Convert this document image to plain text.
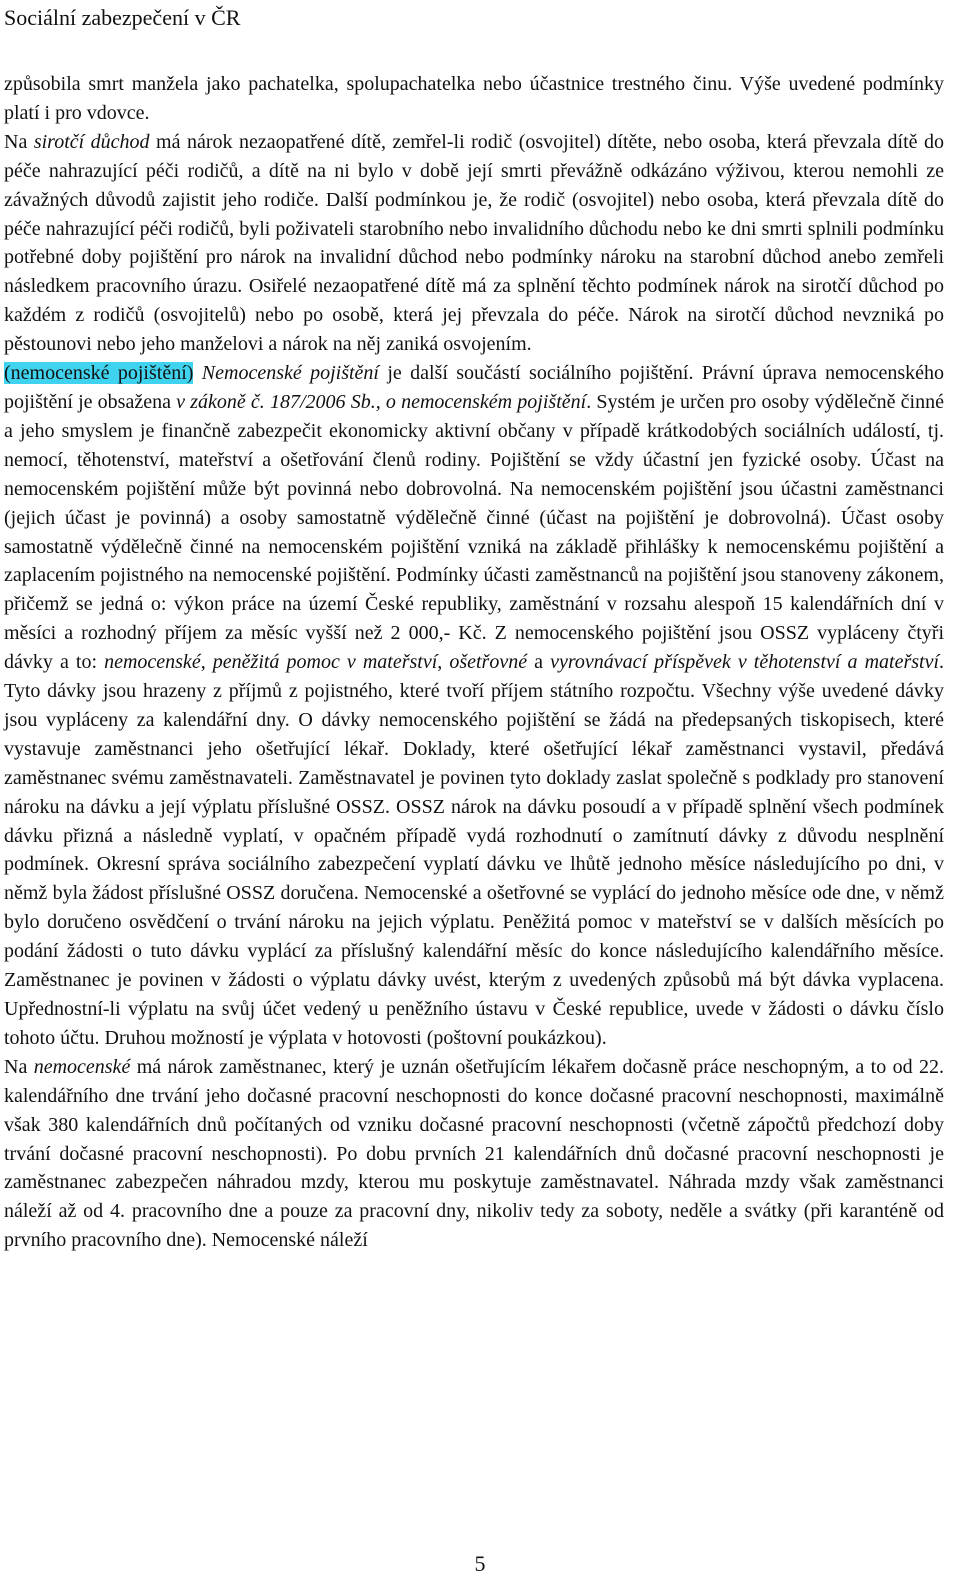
Sociální zabezpečení v ČR

způsobila smrt manžela jako pachatelka, spolupachatelka nebo účastnice trestného činu. Výše uvedené podmínky platí i pro vdovce.

Na sirotčí důchod má nárok nezaopatřené dítě, zemřel-li rodič (osvojitel) dítěte, nebo osoba, která převzala dítě do péče nahrazující péči rodičů, a dítě na ni bylo v době její smrti převážně odkázáno výživou, kterou nemohli ze závažných důvodů zajistit jeho rodiče. Další podmínkou je, že rodič (osvojitel) nebo osoba, která převzala dítě do péče nahrazující péči rodičů, byli poživateli starobního nebo invalidního důchodu nebo ke dni smrti splnili podmínku potřebné doby pojištění pro nárok na invalidní důchod nebo podmínky nároku na starobní důchod anebo zemřeli následkem pracovního úrazu. Osiřelé nezaopatřené dítě má za splnění těchto podmínek nárok na sirotčí důchod po každém z rodičů (osvojitelů) nebo po osobě, která jej převzala do péče. Nárok na sirotčí důchod nevzniká po pěstounovi nebo jeho manželovi a nárok na něj zaniká osvojením.

(nemocenské pojištění) Nemocenské pojištění je další součástí sociálního pojištění. Právní úprava nemocenského pojištění je obsažena v zákoně č. 187/2006 Sb., o nemocenském pojištění. Systém je určen pro osoby výdělečně činné a jeho smyslem je finančně zabezpečit ekonomicky aktivní občany v případě krátkodobých sociálních událostí, tj. nemocí, těhotenství, mateřství a ošetřování členů rodiny. Pojištění se vždy účastní jen fyzické osoby. Účast na nemocenském pojištění může být povinná nebo dobrovolná. Na nemocenském pojištění jsou účastni zaměstnanci (jejich účast je povinná) a osoby samostatně výdělečně činné (účast na pojištění je dobrovolná). Účast osoby samostatně výdělečně činné na nemocenském pojištění vzniká na základě přihlášky k nemocenskému pojištění a zaplacením pojistného na nemocenské pojištění. Podmínky účasti zaměstnanců na pojištění jsou stanoveny zákonem, přičemž se jedná o: výkon práce na území České republiky, zaměstnání v rozsahu alespoň 15 kalendářních dní v měsíci a rozhodný příjem za měsíc vyšší než 2 000,- Kč. Z nemocenského pojištění jsou OSSZ vypláceny čtyři dávky a to: nemocenské, peněžitá pomoc v mateřství, ošetřovné a vyrovnávací příspěvek v těhotenství a mateřství. Tyto dávky jsou hrazeny z příjmů z pojistného, které tvoří příjem státního rozpočtu. Všechny výše uvedené dávky jsou vypláceny za kalendářní dny. O dávky nemocenského pojištění se žádá na předepsaných tiskopisech, které vystavuje zaměstnanci jeho ošetřující lékař. Doklady, které ošetřující lékař zaměstnanci vystavil, předává zaměstnanec svému zaměstnavateli. Zaměstnavatel je povinen tyto doklady zaslat společně s podklady pro stanovení nároku na dávku a její výplatu příslušné OSSZ. OSSZ nárok na dávku posoudí a v případě splnění všech podmínek dávku přizná a následně vyplatí, v opačném případě vydá rozhodnutí o zamítnutí dávky z důvodu nesplnění podmínek. Okresní správa sociálního zabezpečení vyplatí dávku ve lhůtě jednoho měsíce následujícího po dni, v němž byla žádost příslušné OSSZ doručena. Nemocenské a ošetřovné se vyplácí do jednoho měsíce ode dne, v němž bylo doručeno osvědčení o trvání nároku na jejich výplatu. Peněžitá pomoc v mateřství se v dalších měsících po podání žádosti o tuto dávku vyplácí za příslušný kalendářní měsíc do konce následujícího kalendářního měsíce. Zaměstnanec je povinen v žádosti o výplatu dávky uvést, kterým z uvedených způsobů má být dávka vyplacena. Upřednostní-li výplatu na svůj účet vedený u peněžního ústavu v České republice, uvede v žádosti o dávku číslo tohoto účtu. Druhou možností je výplata v hotovosti (poštovní poukázkou).

Na nemocenské má nárok zaměstnanec, který je uznán ošetřujícím lékařem dočasně práce neschopným, a to od 22. kalendářního dne trvání jeho dočasné pracovní neschopnosti do konce dočasné pracovní neschopnosti, maximálně však 380 kalendářních dnů počítaných od vzniku dočasné pracovní neschopnosti (včetně zápočtů předchozí doby trvání dočasné pracovní neschopnosti). Po dobu prvních 21 kalendářních dnů dočasné pracovní neschopnosti je zaměstnanec zabezpečen náhradou mzdy, kterou mu poskytuje zaměstnavatel. Náhrada mzdy však zaměstnanci náleží až od 4. pracovního dne a pouze za pracovní dny, nikoliv tedy za soboty, neděle a svátky (při karanténě od prvního pracovního dne). Nemocenské náleží

5
